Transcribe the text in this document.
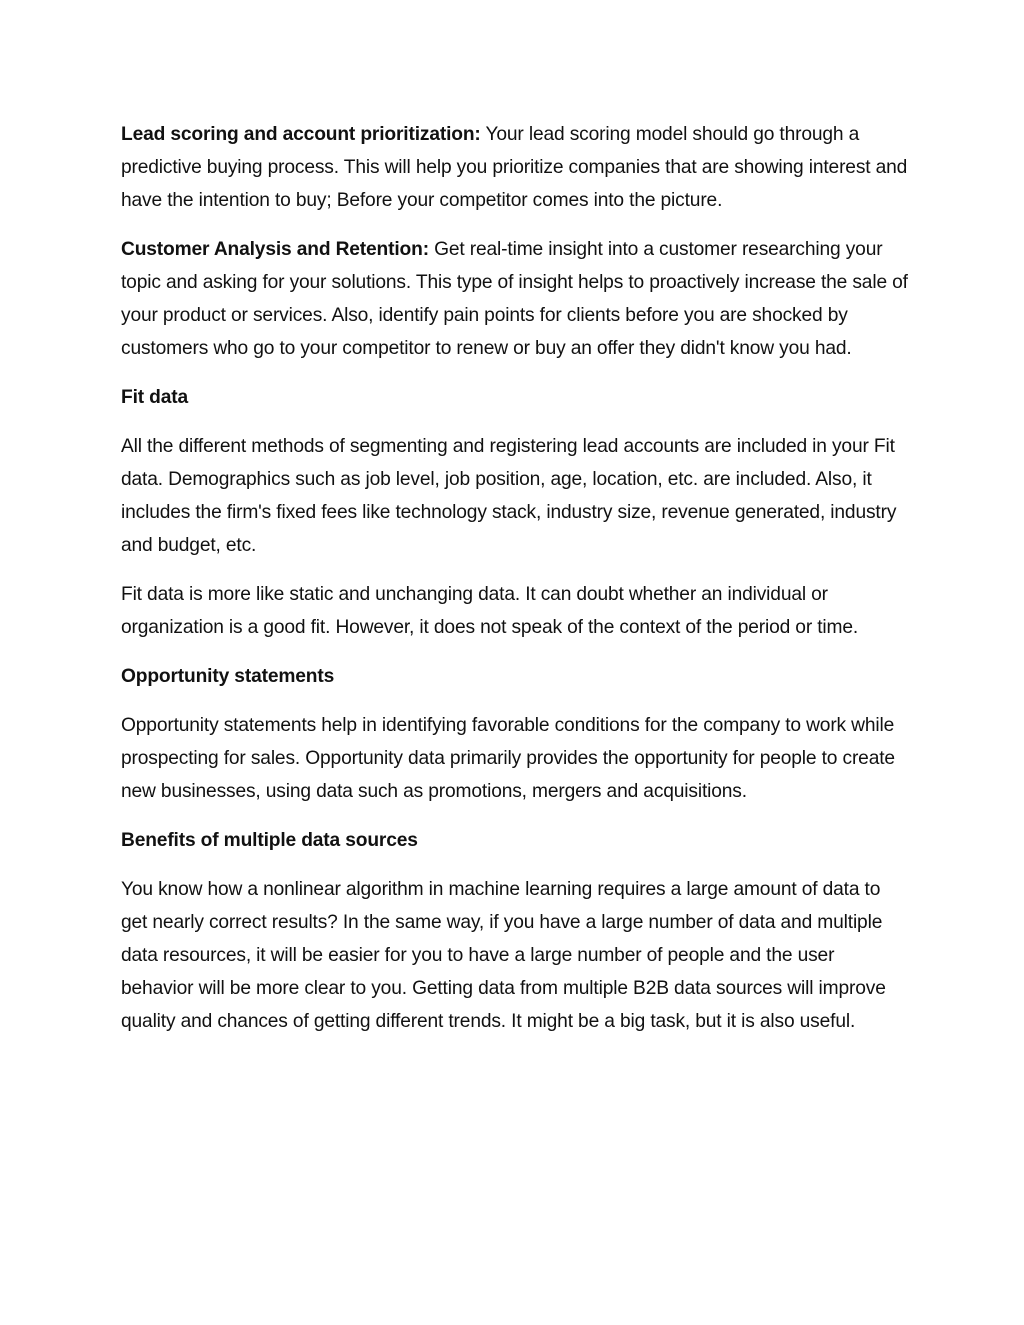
Lead scoring and account prioritization: Your lead scoring model should go through a predictive buying process. This will help you prioritize companies that are showing interest and have the intention to buy; Before your competitor comes into the picture.

Customer Analysis and Retention: Get real-time insight into a customer researching your topic and asking for your solutions. This type of insight helps to proactively increase the sale of your product or services. Also, identify pain points for clients before you are shocked by customers who go to your competitor to renew or buy an offer they didn't know you had.

Fit data

All the different methods of segmenting and registering lead accounts are included in your Fit data. Demographics such as job level, job position, age, location, etc. are included. Also, it includes the firm's fixed fees like technology stack, industry size, revenue generated, industry and budget, etc.

Fit data is more like static and unchanging data. It can doubt whether an individual or organization is a good fit. However, it does not speak of the context of the period or time.

Opportunity statements

Opportunity statements help in identifying favorable conditions for the company to work while prospecting for sales. Opportunity data primarily provides the opportunity for people to create new businesses, using data such as promotions, mergers and acquisitions.

Benefits of multiple data sources

You know how a nonlinear algorithm in machine learning requires a large amount of data to get nearly correct results? In the same way, if you have a large number of data and multiple data resources, it will be easier for you to have a large number of people and the user behavior will be more clear to you. Getting data from multiple B2B data sources will improve quality and chances of getting different trends. It might be a big task, but it is also useful.
